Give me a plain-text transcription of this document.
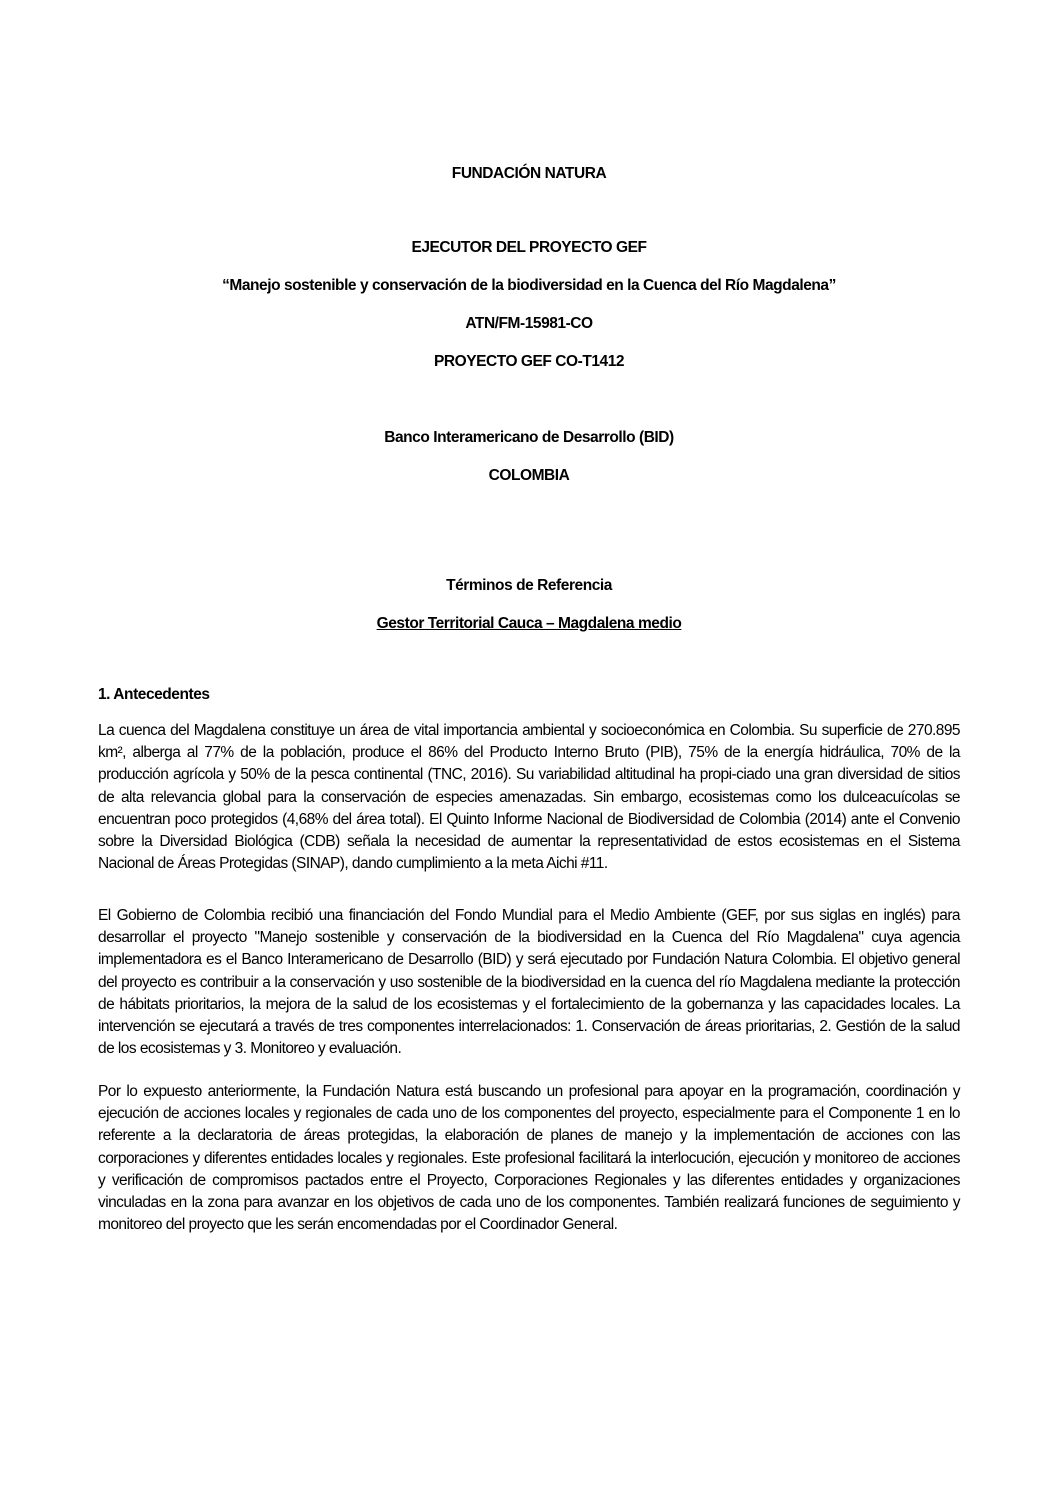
FUNDACIÓN NATURA
EJECUTOR DEL PROYECTO GEF
“Manejo sostenible y conservación de la biodiversidad en la Cuenca del Río Magdalena”
ATN/FM-15981-CO
PROYECTO GEF CO-T1412
Banco Interamericano de Desarrollo (BID)
COLOMBIA
Términos de Referencia
Gestor Territorial Cauca – Magdalena medio
1. Antecedentes

La cuenca del Magdalena constituye un área de vital importancia ambiental y socioeconómica en Colombia. Su superficie de 270.895 km², alberga al 77% de la población, produce el 86% del Producto Interno Bruto (PIB), 75% de la energía hidráulica, 70% de la producción agrícola y 50% de la pesca continental (TNC, 2016). Su variabilidad altitudinal ha propi-ciado una gran diversidad de sitios de alta relevancia global para la conservación de especies amenazadas. Sin embargo, ecosistemas como los dulceacuícolas se encuentran poco protegidos (4,68% del área total). El Quinto Informe Nacional de Biodiversidad de Colombia (2014) ante el Convenio sobre la Diversidad Biológica (CDB) señala la necesidad de aumentar la representatividad de estos ecosistemas en el Sistema Nacional de Áreas Protegidas (SINAP), dando cumplimiento a la meta Aichi #11.

El Gobierno de Colombia recibió una financiación del Fondo Mundial para el Medio Ambiente (GEF, por sus siglas en inglés) para desarrollar el proyecto "Manejo sostenible y conservación de la biodiversidad en la Cuenca del Río Magdalena" cuya agencia implementadora es el Banco Interamericano de Desarrollo (BID) y será ejecutado por Fundación Natura Colombia. El objetivo general del proyecto es contribuir a la conservación y uso sostenible de la biodiversidad en la cuenca del río Magdalena mediante la protección de hábitats prioritarios, la mejora de la salud de los ecosistemas y el fortalecimiento de la gobernanza y las capacidades locales. La intervención se ejecutará a través de tres componentes interrelacionados: 1. Conservación de áreas prioritarias, 2. Gestión de la salud de los ecosistemas y 3. Monitoreo y evaluación.

Por lo expuesto anteriormente, la Fundación Natura está buscando un profesional para apoyar en la programación, coordinación y ejecución de acciones locales y regionales de cada uno de los componentes del proyecto, especialmente para el Componente 1 en lo referente a la declaratoria de áreas protegidas, la elaboración de planes de manejo y la implementación de acciones con las corporaciones y diferentes entidades locales y regionales. Este profesional facilitará la interlocución, ejecución y monitoreo de acciones y verificación de compromisos pactados entre el Proyecto, Corporaciones Regionales y las diferentes entidades y organizaciones vinculadas en la zona para avanzar en los objetivos de cada uno de los componentes. También realizará funciones de seguimiento y monitoreo del proyecto que les serán encomendadas por el Coordinador General.
